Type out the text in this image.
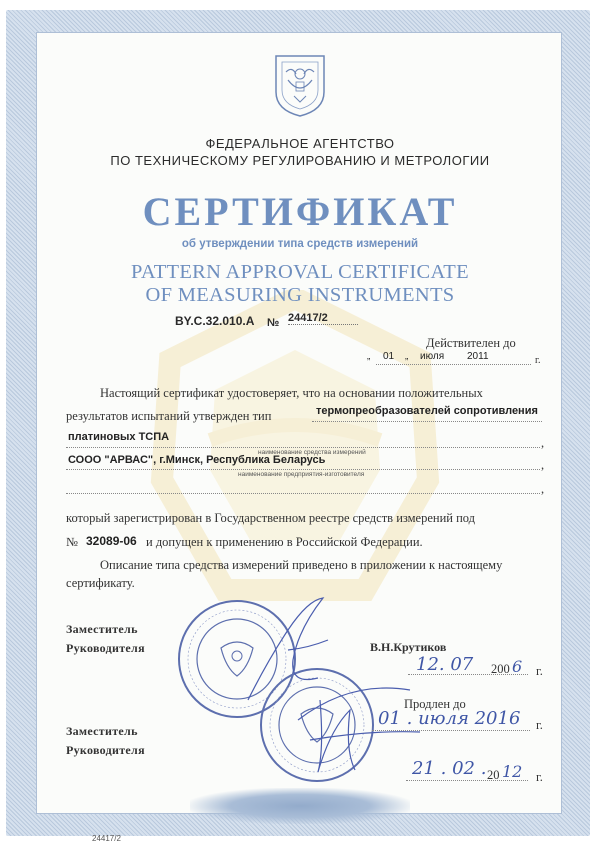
ФЕДЕРАЛЬНОЕ АГЕНТСТВО
ПО ТЕХНИЧЕСКОМУ РЕГУЛИРОВАНИЮ И МЕТРОЛОГИИ
СЕРТИФИКАТ
об утверждении типа средств измерений
PATTERN APPROVAL CERTIFICATE
OF MEASURING INSTRUMENTS
BY.C.32.010.A № 24417/2
Действителен до
„ 01 „ июля 2011	г.
Настоящий сертификат удостоверяет, что на основании положительных
результатов испытаний утвержден тип	термопреобразователей сопротивления
платиновых ТСПА	,
наименование средства измерений
СООО "АРВАС", г.Минск, Республика Беларусь	,
наименование предприятия-изготовителя
,
который зарегистрирован в Государственном реестре средств измерений под
№ 32089-06 и допущен к применению в Российской Федерации.
Описание типа средства измерений приведено в приложении к настоящему
сертификату.
Заместитель
Руководителя	В.Н.Крутиков
12. 07 200 6 г.
Продлен до
01 . июля 2016 г.
Заместитель
Руководителя
21 . 02 . 20 12 г.
24417/2
